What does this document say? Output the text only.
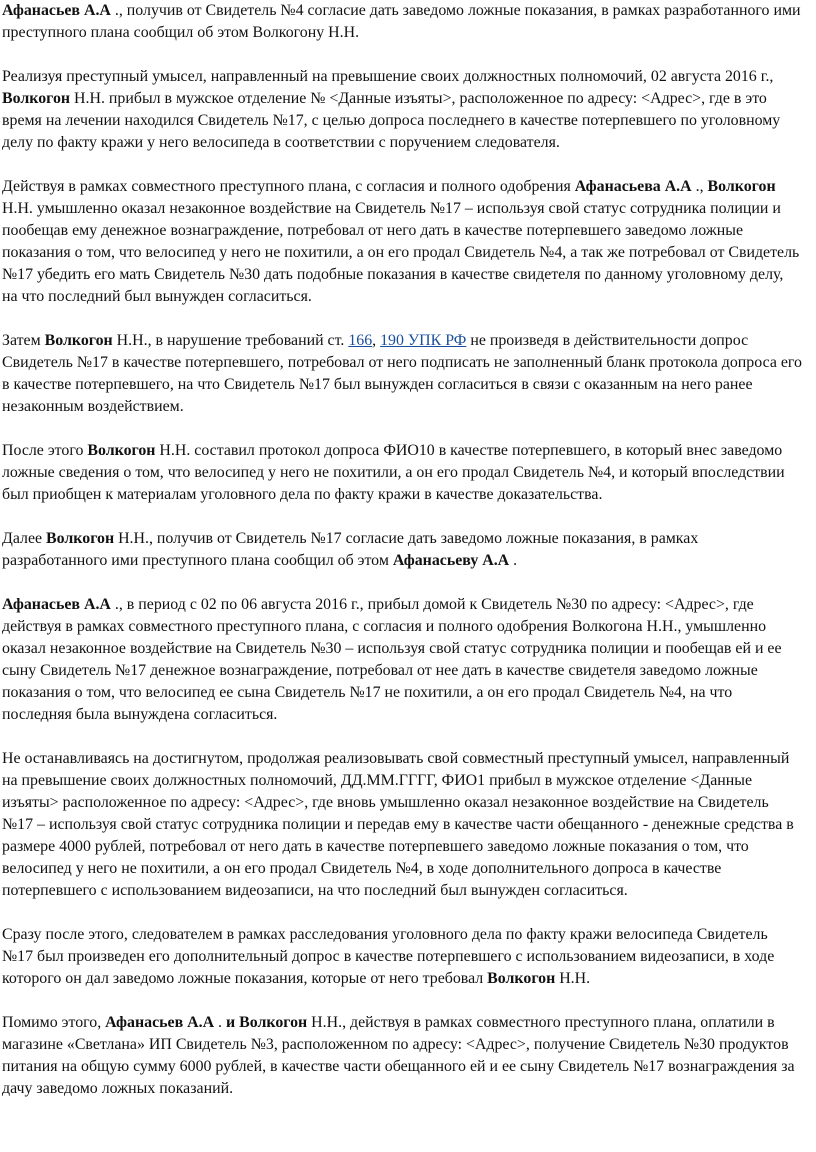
Афанасьев А.А ., получив от Свидетель №4 согласие дать заведомо ложные показания, в рамках разработанного ими преступного плана сообщил об этом Волкогону Н.Н.

Реализуя преступный умысел, направленный на превышение своих должностных полномочий, 02 августа 2016 г., Волкогон Н.Н. прибыл в мужское отделение № <Данные изъяты>, расположенное по адресу: <Адрес>, где в это время на лечении находился Свидетель №17, с целью допроса последнего в качестве потерпевшего по уголовному делу по факту кражи у него велосипеда в соответствии с поручением следователя.

Действуя в рамках совместного преступного плана, с согласия и полного одобрения Афанасьева А.А ., Волкогон Н.Н. умышленно оказал незаконное воздействие на Свидетель №17 – используя свой статус сотрудника полиции и пообещав ему денежное вознаграждение, потребовал от него дать в качестве потерпевшего заведомо ложные показания о том, что велосипед у него не похитили, а он его продал Свидетель №4, а так же потребовал от Свидетель №17 убедить его мать Свидетель №30 дать подобные показания в качестве свидетеля по данному уголовному делу, на что последний был вынужден согласиться.

Затем Волкогон Н.Н., в нарушение требований ст. 166, 190 УПК РФ не произведя в действительности допрос Свидетель №17 в качестве потерпевшего, потребовал от него подписать не заполненный бланк протокола допроса его в качестве потерпевшего, на что Свидетель №17 был вынужден согласиться в связи с оказанным на него ранее незаконным воздействием.

После этого Волкогон Н.Н. составил протокол допроса ФИО10 в качестве потерпевшего, в который внес заведомо ложные сведения о том, что велосипед у него не похитили, а он его продал Свидетель №4, и который впоследствии был приобщен к материалам уголовного дела по факту кражи в качестве доказательства.

Далее Волкогон Н.Н., получив от Свидетель №17 согласие дать заведомо ложные показания, в рамках разработанного ими преступного плана сообщил об этом Афанасьеву А.А .

Афанасьев А.А ., в период с 02 по 06 августа 2016 г., прибыл домой к Свидетель №30 по адресу: <Адрес>, где действуя в рамках совместного преступного плана, с согласия и полного одобрения Волкогона Н.Н., умышленно оказал незаконное воздействие на Свидетель №30 – используя свой статус сотрудника полиции и пообещав ей и ее сыну Свидетель №17 денежное вознаграждение, потребовал от нее дать в качестве свидетеля заведомо ложные показания о том, что велосипед ее сына Свидетель №17 не похитили, а он его продал Свидетель №4, на что последняя была вынуждена согласиться.

Не останавливаясь на достигнутом, продолжая реализовывать свой совместный преступный умысел, направленный на превышение своих должностных полномочий, ДД.ММ.ГГГГ, ФИО1 прибыл в мужское отделение <Данные изъяты> расположенное по адресу: <Адрес>, где вновь умышленно оказал незаконное воздействие на Свидетель №17 – используя свой статус сотрудника полиции и передав ему в качестве части обещанного - денежные средства в размере 4000 рублей, потребовал от него дать в качестве потерпевшего заведомо ложные показания о том, что велосипед у него не похитили, а он его продал Свидетель №4, в ходе дополнительного допроса в качестве потерпевшего с использованием видеозаписи, на что последний был вынужден согласиться.

Сразу после этого, следователем в рамках расследования уголовного дела по факту кражи велосипеда Свидетель №17 был произведен его дополнительный допрос в качестве потерпевшего с использованием видеозаписи, в ходе которого он дал заведомо ложные показания, которые от него требовал Волкогон Н.Н.

Помимо этого, Афанасьев А.А . и Волкогон Н.Н., действуя в рамках совместного преступного плана, оплатили в магазине «Светлана» ИП Свидетель №3, расположенном по адресу: <Адрес>, получение Свидетель №30 продуктов питания на общую сумму 6000 рублей, в качестве части обещанного ей и ее сыну Свидетель №17 вознаграждения за дачу заведомо ложных показаний.
